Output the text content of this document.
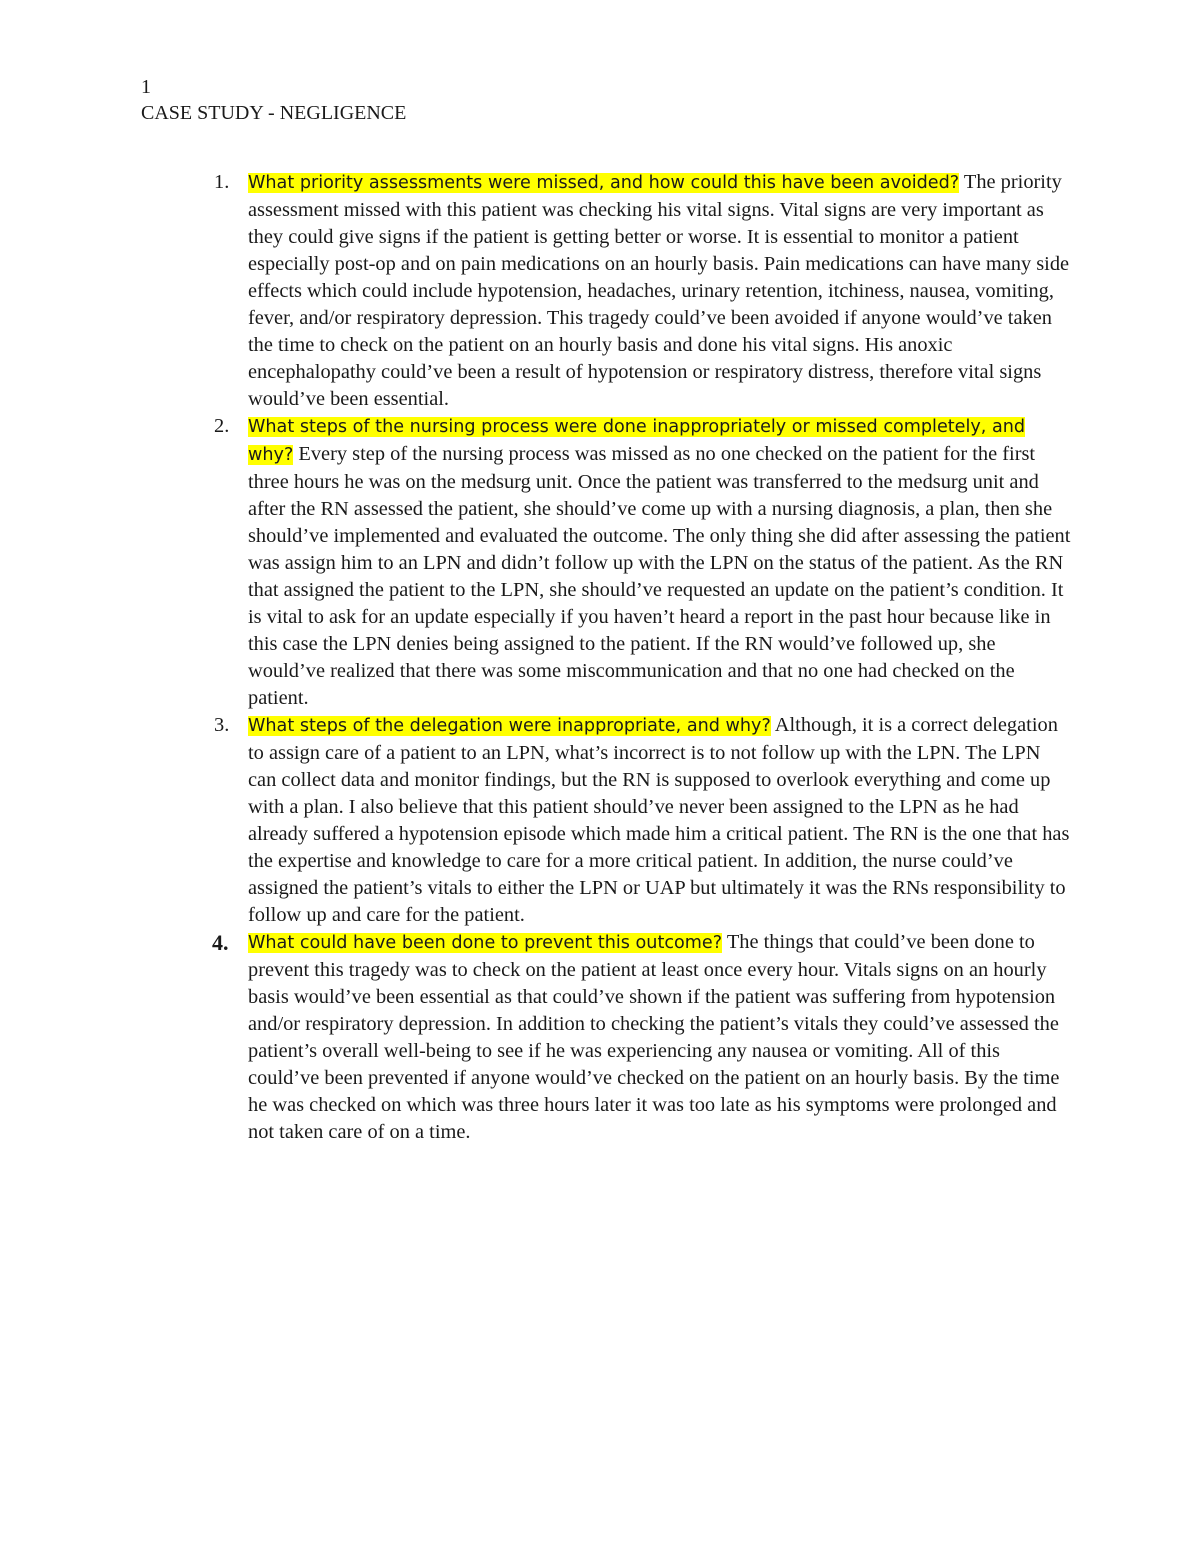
1
CASE STUDY - NEGLIGENCE
1.	What priority assessments were missed, and how could this have been avoided? The priority assessment missed with this patient was checking his vital signs. Vital signs are very important as they could give signs if the patient is getting better or worse. It is essential to monitor a patient especially post-op and on pain medications on an hourly basis. Pain medications can have many side effects which could include hypotension, headaches, urinary retention, itchiness, nausea, vomiting, fever, and/or respiratory depression. This tragedy could’ve been avoided if anyone would’ve taken the time to check on the patient on an hourly basis and done his vital signs. His anoxic encephalopathy could’ve been a result of hypotension or respiratory distress, therefore vital signs would’ve been essential.
2.	What steps of the nursing process were done inappropriately or missed completely, and why? Every step of the nursing process was missed as no one checked on the patient for the first three hours he was on the medsurg unit. Once the patient was transferred to the medsurg unit and after the RN assessed the patient, she should’ve come up with a nursing diagnosis, a plan, then she should’ve implemented and evaluated the outcome. The only thing she did after assessing the patient was assign him to an LPN and didn’t follow up with the LPN on the status of the patient. As the RN that assigned the patient to the LPN, she should’ve requested an update on the patient’s condition. It is vital to ask for an update especially if you haven’t heard a report in the past hour because like in this case the LPN denies being assigned to the patient. If the RN would’ve followed up, she would’ve realized that there was some miscommunication and that no one had checked on the patient.
3.	What steps of the delegation were inappropriate, and why? Although, it is a correct delegation to assign care of a patient to an LPN, what’s incorrect is to not follow up with the LPN. The LPN can collect data and monitor findings, but the RN is supposed to overlook everything and come up with a plan. I also believe that this patient should’ve never been assigned to the LPN as he had already suffered a hypotension episode which made him a critical patient. The RN is the one that has the expertise and knowledge to care for a more critical patient. In addition, the nurse could’ve assigned the patient’s vitals to either the LPN or UAP but ultimately it was the RNs responsibility to follow up and care for the patient.
4.	What could have been done to prevent this outcome? The things that could’ve been done to prevent this tragedy was to check on the patient at least once every hour. Vitals signs on an hourly basis would’ve been essential as that could’ve shown if the patient was suffering from hypotension and/or respiratory depression. In addition to checking the patient’s vitals they could’ve assessed the patient’s overall well-being to see if he was experiencing any nausea or vomiting. All of this could’ve been prevented if anyone would’ve checked on the patient on an hourly basis. By the time he was checked on which was three hours later it was too late as his symptoms were prolonged and not taken care of on a time.
